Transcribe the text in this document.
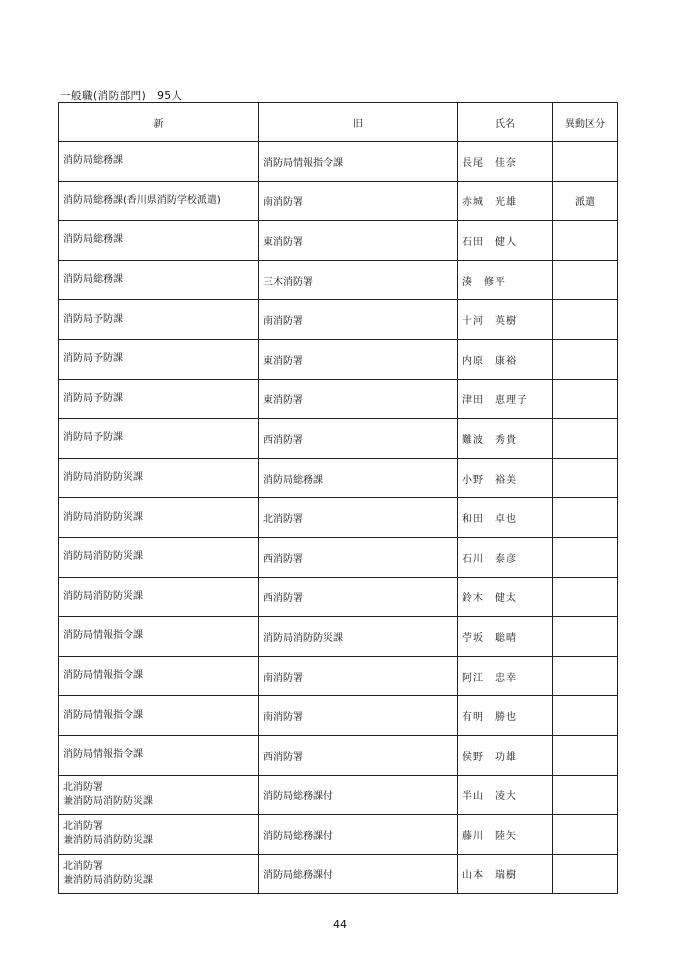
一般職(消防部門)　95人
新	旧	氏名	異動区分
消防局総務課	消防局情報指令課	長尾　佳奈	
消防局総務課(香川県消防学校派遣)	南消防署	赤城　光雄	派遣
消防局総務課	東消防署	石田　健人	
消防局総務課	三木消防署	湊　修平	
消防局予防課	南消防署	十河　英樹	
消防局予防課	東消防署	内原　康裕	
消防局予防課	東消防署	津田　恵理子	
消防局予防課	西消防署	難波　秀貴	
消防局消防防災課	消防局総務課	小野　裕美	
消防局消防防災課	北消防署	和田　卓也	
消防局消防防災課	西消防署	石川　泰彦	
消防局消防防災課	西消防署	鈴木　健太	
消防局情報指令課	消防局消防防災課	苧坂　聡晴	
消防局情報指令課	南消防署	阿江　忠幸	
消防局情報指令課	南消防署	有明　勝也	
消防局情報指令課	西消防署	侯野　功雄	
北消防署
兼消防局消防防災課	消防局総務課付	半山　凌大	
北消防署
兼消防局消防防災課	消防局総務課付	藤川　陸矢	
北消防署
兼消防局消防防災課	消防局総務課付	山本　瑞樹	
44
